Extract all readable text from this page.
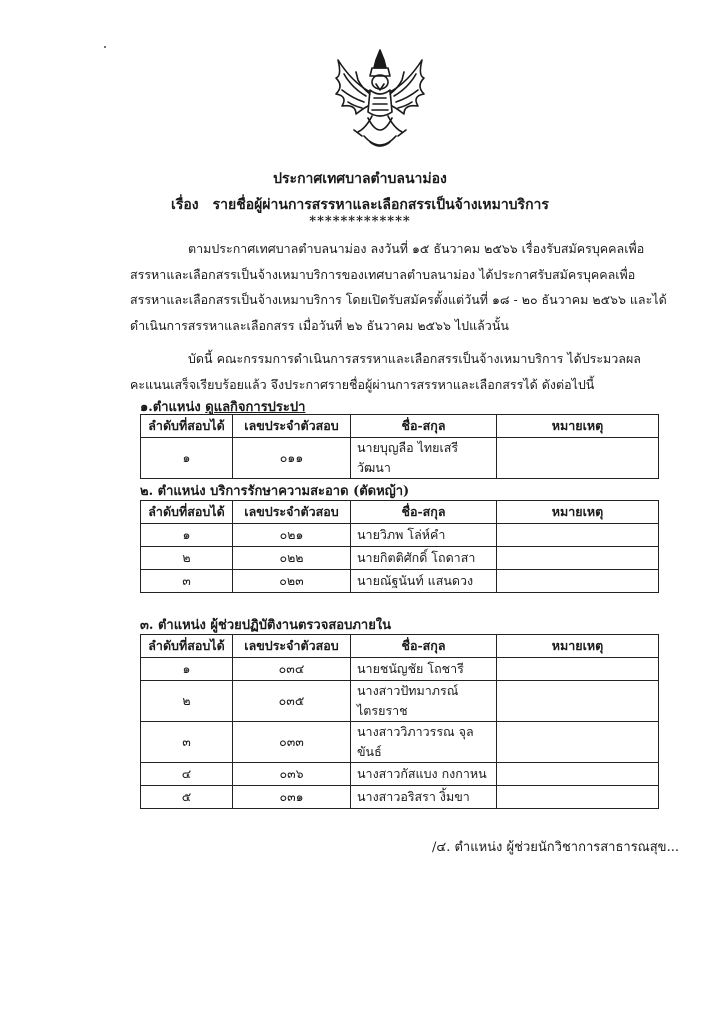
ประกาศเทศบาลตำบลนาม่อง
เรื่อง รายชื่อผู้ผ่านการสรรหาและเลือกสรรเป็นจ้างเหมาบริการ
*************
ตามประกาศเทศบาลตำบลนาม่อง ลงวันที่ ๑๕ ธันวาคม ๒๕๖๖ เรื่องรับสมัครบุคคลเพื่อสรรหาและเลือกสรรเป็นจ้างเหมาบริการของเทศบาลตำบลนาม่อง ได้ประกาศรับสมัครบุคคลเพื่อสรรหาและเลือกสรรเป็นจ้างเหมาบริการ โดยเปิดรับสมัครตั้งแต่วันที่ ๑๘ - ๒๐ ธันวาคม ๒๕๖๖ และได้ดำเนินการสรรหาและเลือกสรร เมื่อวันที่ ๒๖ ธันวาคม ๒๕๖๖ ไปแล้วนั้น
บัดนี้ คณะกรรมการดำเนินการสรรหาและเลือกสรรเป็นจ้างเหมาบริการ ได้ประมวลผลคะแนนเสร็จเรียบร้อยแล้ว จึงประกาศรายชื่อผู้ผ่านการสรรหาและเลือกสรรได้ ดังต่อไปนี้
๑.ตำแหน่ง ดูแลกิจการประปา
ลำดับที่สอบได้	เลขประจำตัวสอบ	ชื่อ-สกุล	หมายเหตุ
๑	๐๑๑	นายบุญลือ ไทยเสรีวัฒนา	
๒. ตำแหน่ง บริการรักษาความสะอาด (ตัดหญ้า)
ลำดับที่สอบได้	เลขประจำตัวสอบ	ชื่อ-สกุล	หมายเหตุ
๑	๐๒๑	นายวิภพ โล่ห์คำ	
๒	๐๒๒	นายกิตติศักดิ์ โถดาสา	
๓	๐๒๓	นายณัฐนันท์ แสนดวง	
๓. ตำแหน่ง ผู้ช่วยปฏิบัติงานตรวจสอบภายใน
ลำดับที่สอบได้	เลขประจำตัวสอบ	ชื่อ-สกุล	หมายเหตุ
๑	๐๓๔	นายชนัญชัย โถชารี	
๒	๐๓๕	นางสาวปัทมาภรณ์ ไตรยราช	
๓	๐๓๓	นางสาววิภาวรรณ จุลขันธ์	
๔	๐๓๖	นางสาวกัสแบง กงกาหน	
๕	๐๓๑	นางสาวอริสรา งิ้มขา	
/๔. ตำแหน่ง ผู้ช่วยนักวิชาการสาธารณสุข...
